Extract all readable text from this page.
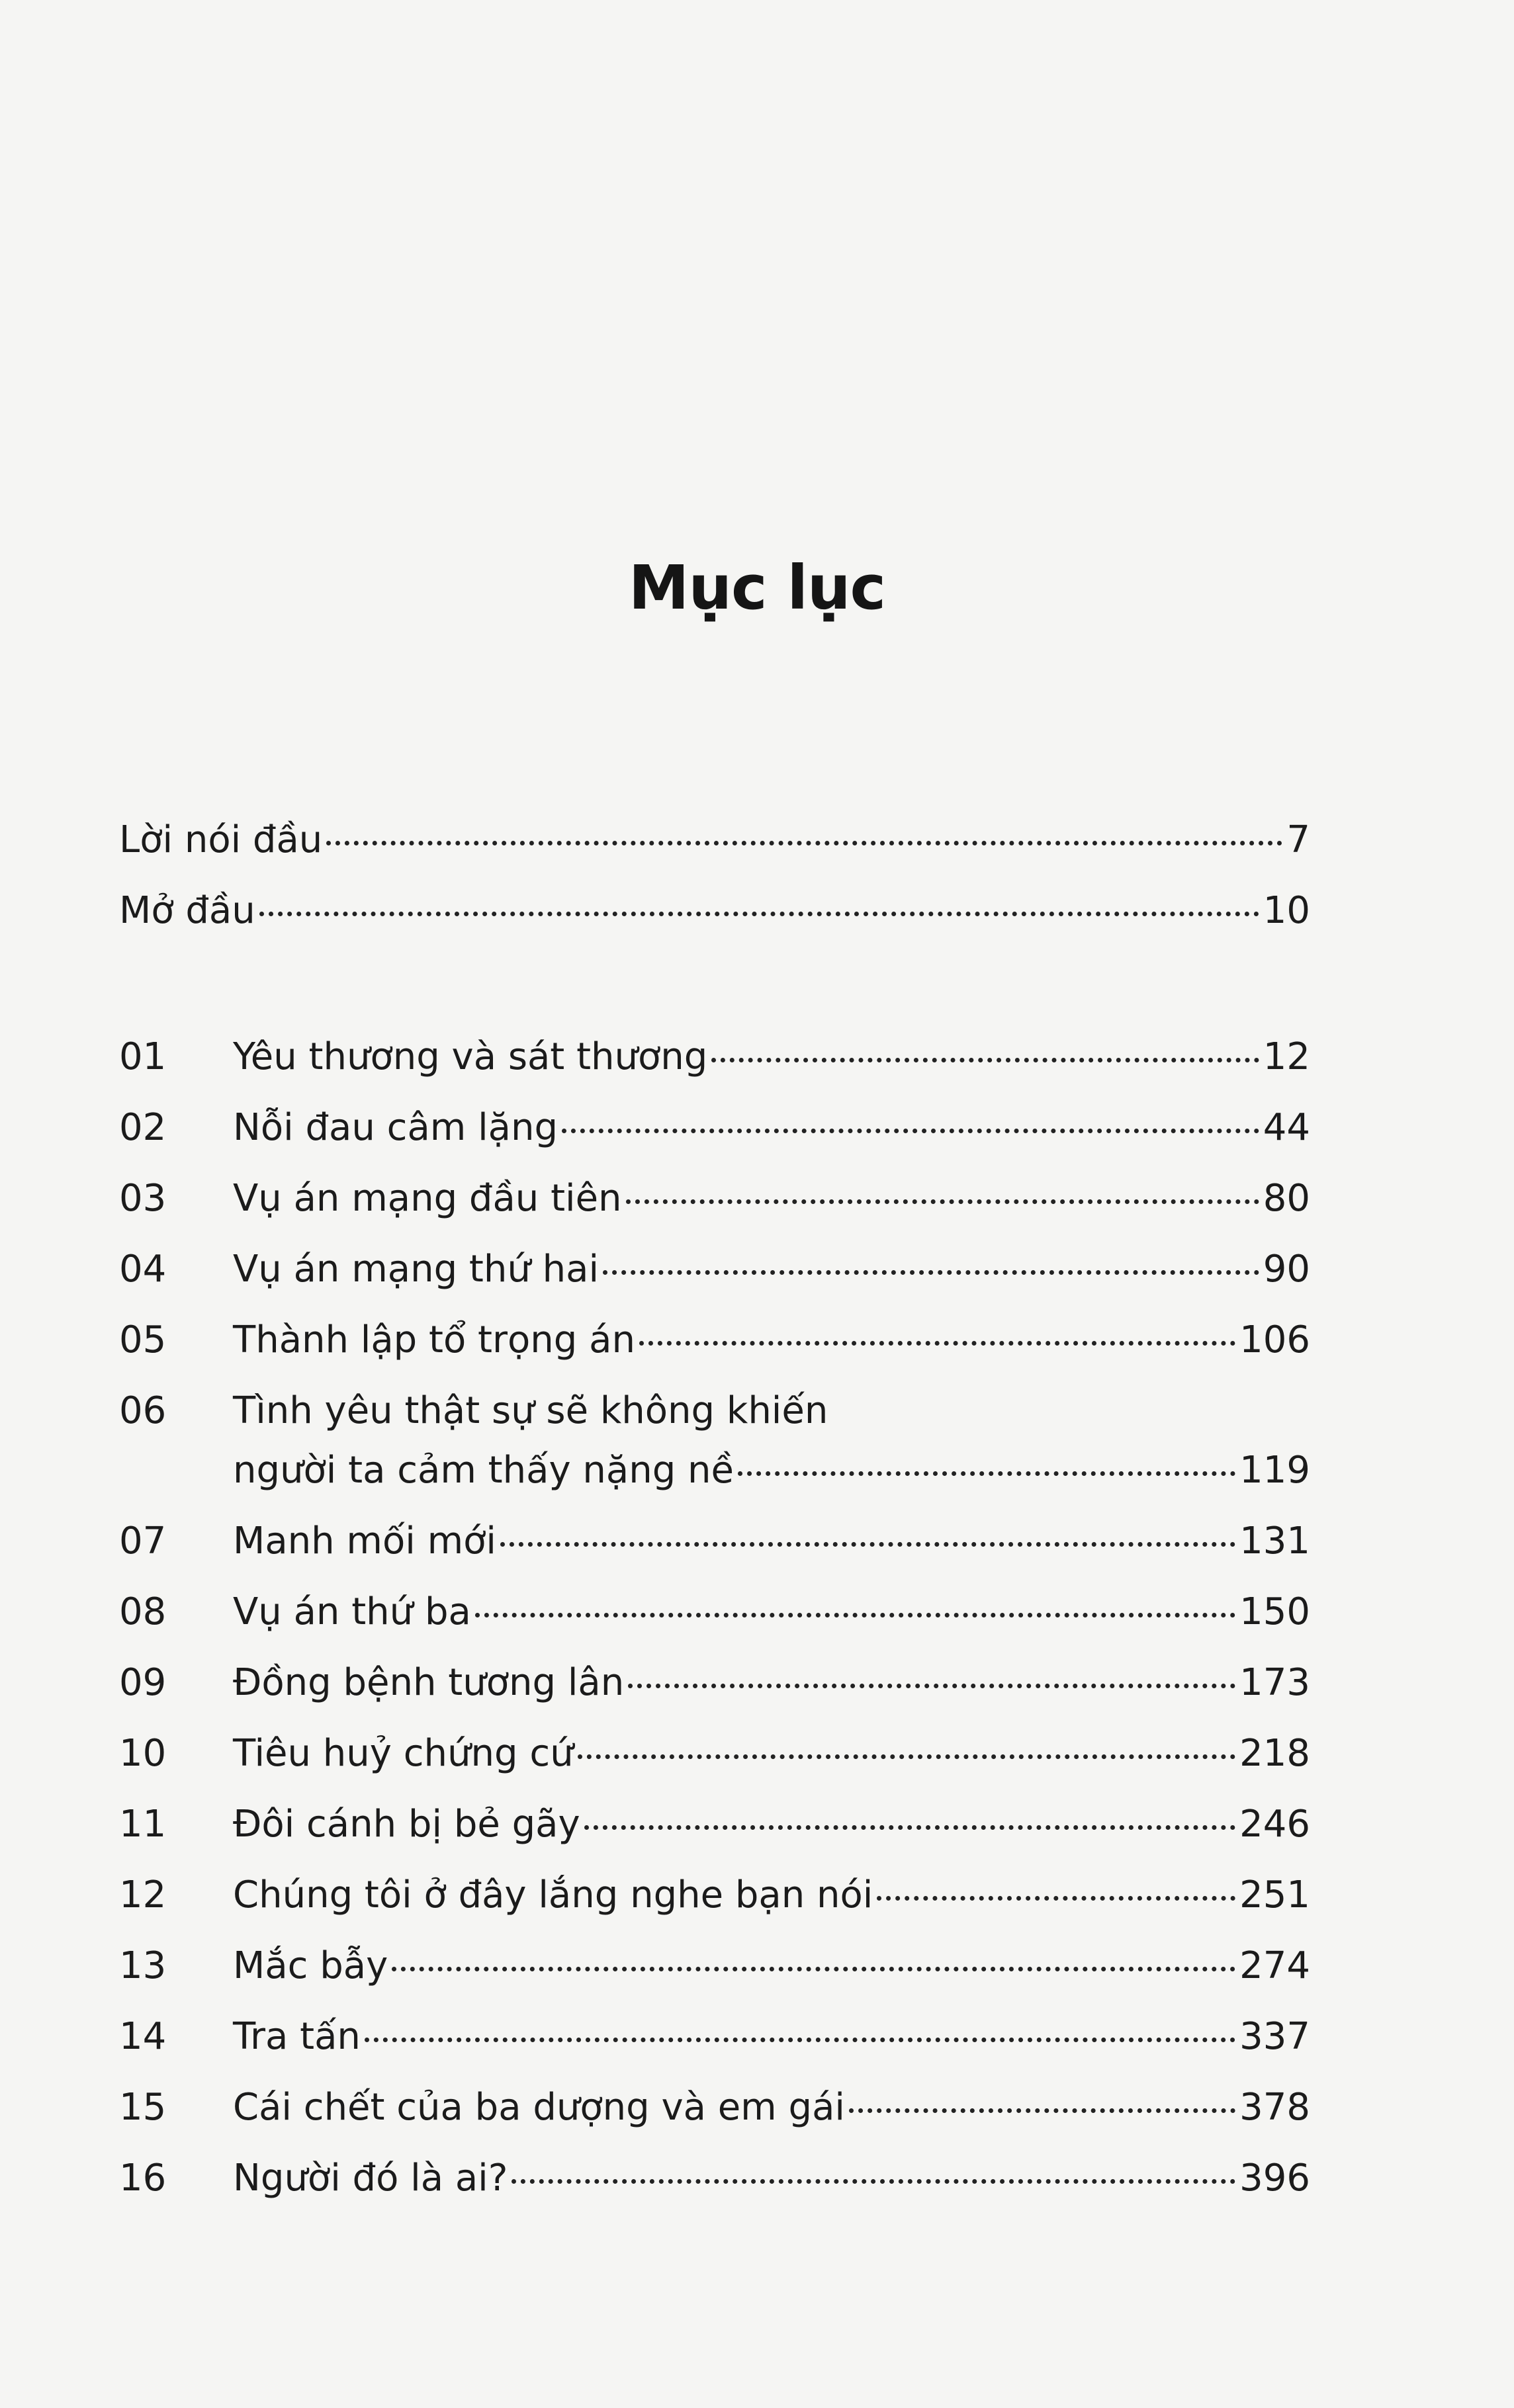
Mục lục
Lời nói đầu	7
Mở đầu	10
01	Yêu thương và sát thương	12
02	Nỗi đau câm lặng	44
03	Vụ án mạng đầu tiên	80
04	Vụ án mạng thứ hai	90
05	Thành lập tổ trọng án	106
06 Tình yêu thật sự sẽ không khiến
người ta cảm thấy nặng nề	119
07	Manh mối mới	131
08	Vụ án thứ ba	150
09	Đồng bệnh tương lân	173
10	Tiêu huỷ chứng cứ	218
11	Đôi cánh bị bẻ gãy	246
12	Chúng tôi ở đây lắng nghe bạn nói	251
13	Mắc bẫy	274
14	Tra tấn	337
15	Cái chết của ba dượng và em gái	378
16	Người đó là ai?	396
